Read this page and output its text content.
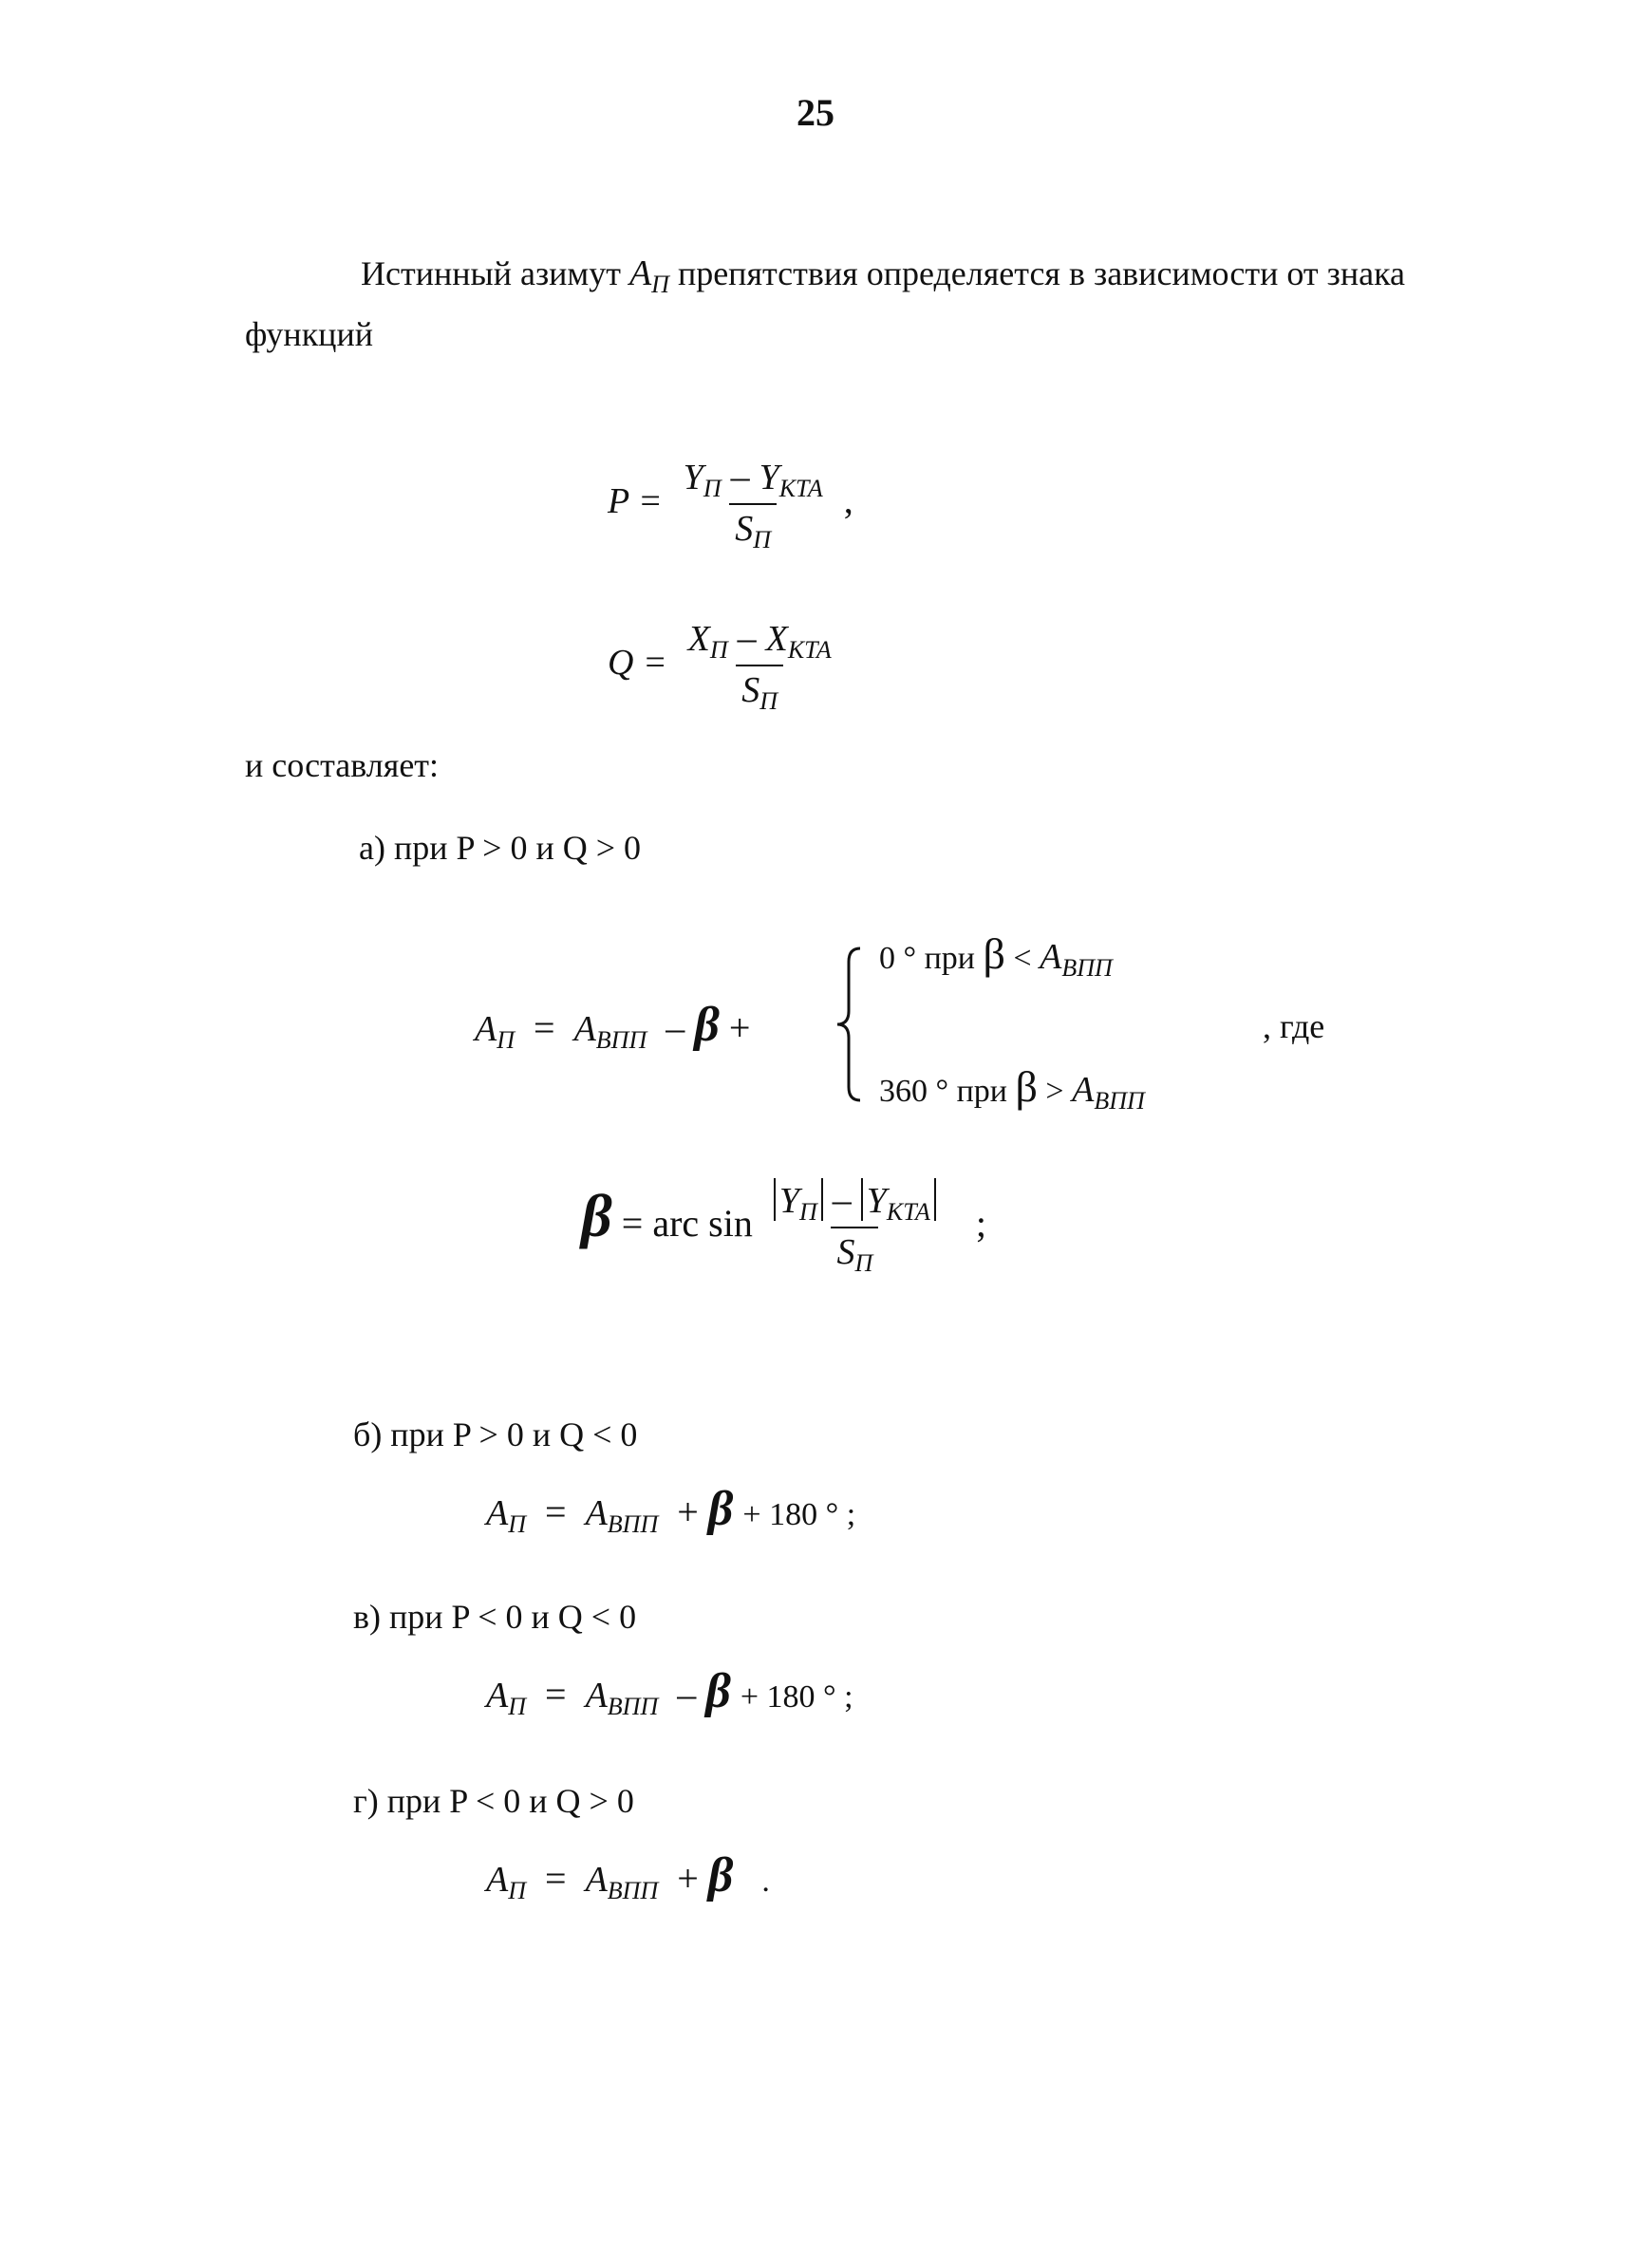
25
Истинный азимут $A_П$ препятствия определяется в зависимости от знака функций
$P = \frac{Y_П - Y_{КТА}}{S_П}$ ,
$Q = \frac{X_П - X_{КТА}}{S_П}$
и составляет:
а) при P > 0 и Q > 0
$A_П = A_{ВПП} - \beta$ +
0 ° при $\beta < A_{ВПП}$
360 ° при $\beta > A_{ВПП}$
, где
β = arc $\sin \frac{Y_П - Y_{КТА}}{S_П}$ ;
б) при P > 0 и Q < 0
$A_П = A_{ВПП} + \beta + 180$ ° ;
в) при P < 0 и Q < 0
$A_П = A_{ВПП} - \beta + 180$ ° ;
г) при P < 0 и Q > 0
$A_П = A_{ВПП} + \beta$ .
